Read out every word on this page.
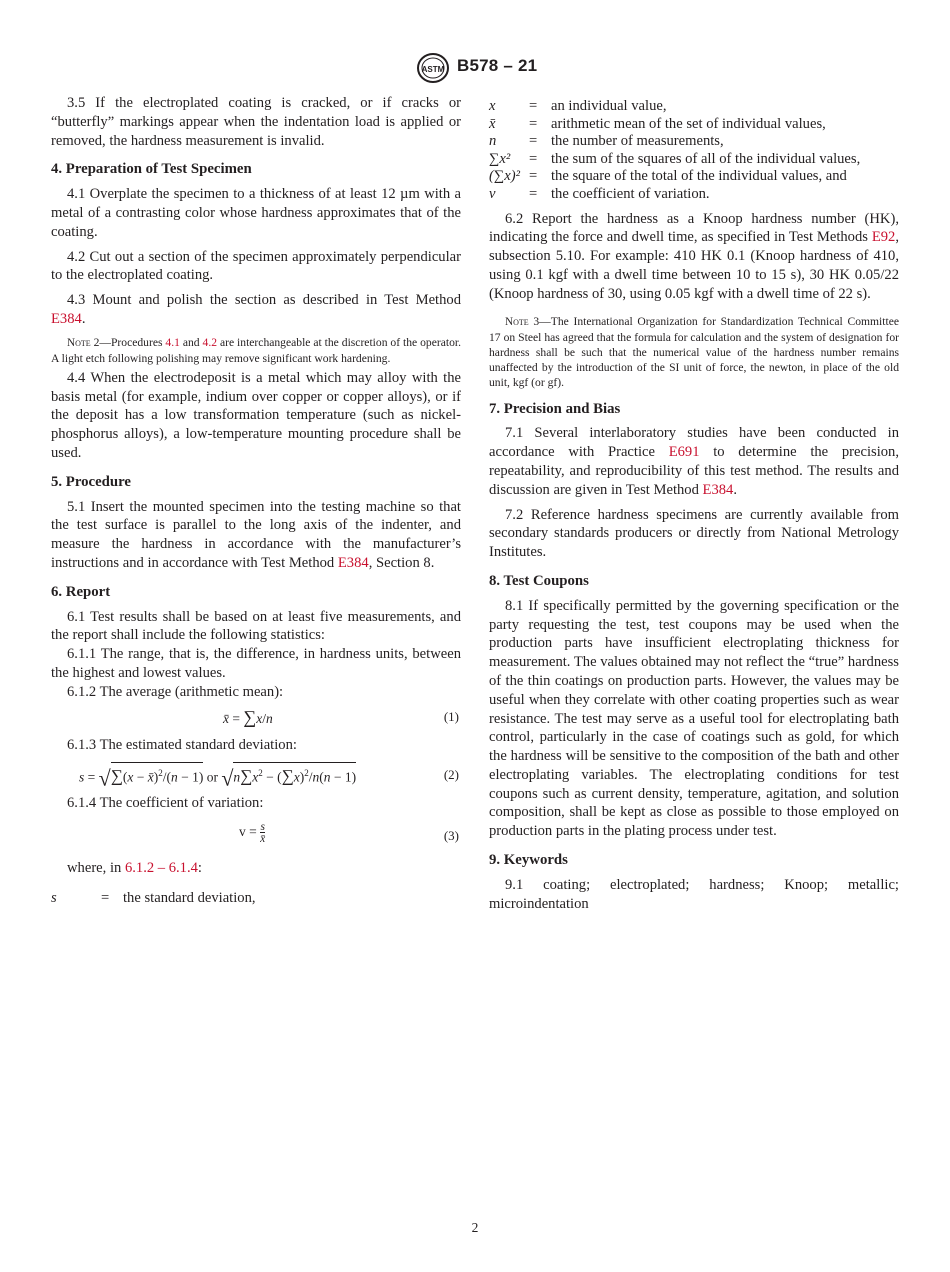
ASTM B578 – 21

3.5 If the electroplated coating is cracked, or if cracks or “butterfly” markings appear when the indentation load is applied or removed, the hardness measurement is invalid.

4. Preparation of Test Specimen

4.1 Overplate the specimen to a thickness of at least 12 µm with a metal of a contrasting color whose hardness approximates that of the coating.

4.2 Cut out a section of the specimen approximately perpendicular to the electroplated coating.

4.3 Mount and polish the section as described in Test Method E384.

Note 2—Procedures 4.1 and 4.2 are interchangeable at the discretion of the operator. A light etch following polishing may remove significant work hardening.

4.4 When the electrodeposit is a metal which may alloy with the basis metal (for example, indium over copper or copper alloys), or if the deposit has a low transformation temperature (such as nickel-phosphorus alloys), a low-temperature mounting procedure shall be used.

5. Procedure

5.1 Insert the mounted specimen into the testing machine so that the test surface is parallel to the long axis of the indenter, and measure the hardness in accordance with the manufacturer’s instructions and in accordance with Test Method E384, Section 8.

6. Report

6.1 Test results shall be based on at least five measurements, and the report shall include the following statistics:

6.1.1 The range, that is, the difference, in hardness units, between the highest and lowest values.

6.1.2 The average (arithmetic mean):

x̄ = ∑x/n	(1)

6.1.3 The estimated standard deviation:

s = √∑(x − x̄)$^2$/(n − 1) or $√n\sum x^2 - (\sum x)^2/n(n - 1)$	(2)

6.1.4 The coefficient of variation:

$v = \frac{s}{x̄}$	(3)

where, in 6.1.2 – 6.1.4:

s	=	the standard deviation,
x	=	an individual value,
x̄	=	arithmetic mean of the set of individual values,
n	=	the number of measurements,
∑x²	=	the sum of the squares of all of the individual values,
(∑x)²	=	the square of the total of the individual values, and
v	=	the coefficient of variation.

6.2 Report the hardness as a Knoop hardness number (HK), indicating the force and dwell time, as specified in Test Methods E92, subsection 5.10. For example: 410 HK 0.1 (Knoop hardness of 410, using 0.1 kgf with a dwell time between 10 to 15 s), 30 HK 0.05/22 (Knoop hardness of 30, using 0.05 kgf with a dwell time of 22 s).

Note 3—The International Organization for Standardization Technical Committee 17 on Steel has agreed that the formula for calculation and the system of designation for hardness shall be such that the numerical value of the hardness number remains unaffected by the introduction of the SI unit of force, the newton, in place of the old unit, kgf (or gf).

7. Precision and Bias

7.1 Several interlaboratory studies have been conducted in accordance with Practice E691 to determine the precision, repeatability, and reproducibility of this test method. The results and discussion are given in Test Method E384.

7.2 Reference hardness specimens are currently available from secondary standards producers or directly from National Metrology Institutes.

8. Test Coupons

8.1 If specifically permitted by the governing specification or the party requesting the test, test coupons may be used when the production parts have insufficient electroplating thickness for measurement. The values obtained may not reflect the “true” hardness of the thin coatings on production parts. However, the values may be useful when they correlate with other coating properties such as wear resistance. The test may serve as a useful tool for electroplating bath control, particularly in the case of coatings such as gold, for which the hardness will be sensitive to the composition of the bath and other electroplating variables. The electroplating conditions for test coupons such as current density, temperature, agitation, and solution composition, shall be kept as close as possible to those employed on production parts in the plating process under test.

9. Keywords

9.1 coating; electroplated; hardness; Knoop; metallic; microindentation

2
